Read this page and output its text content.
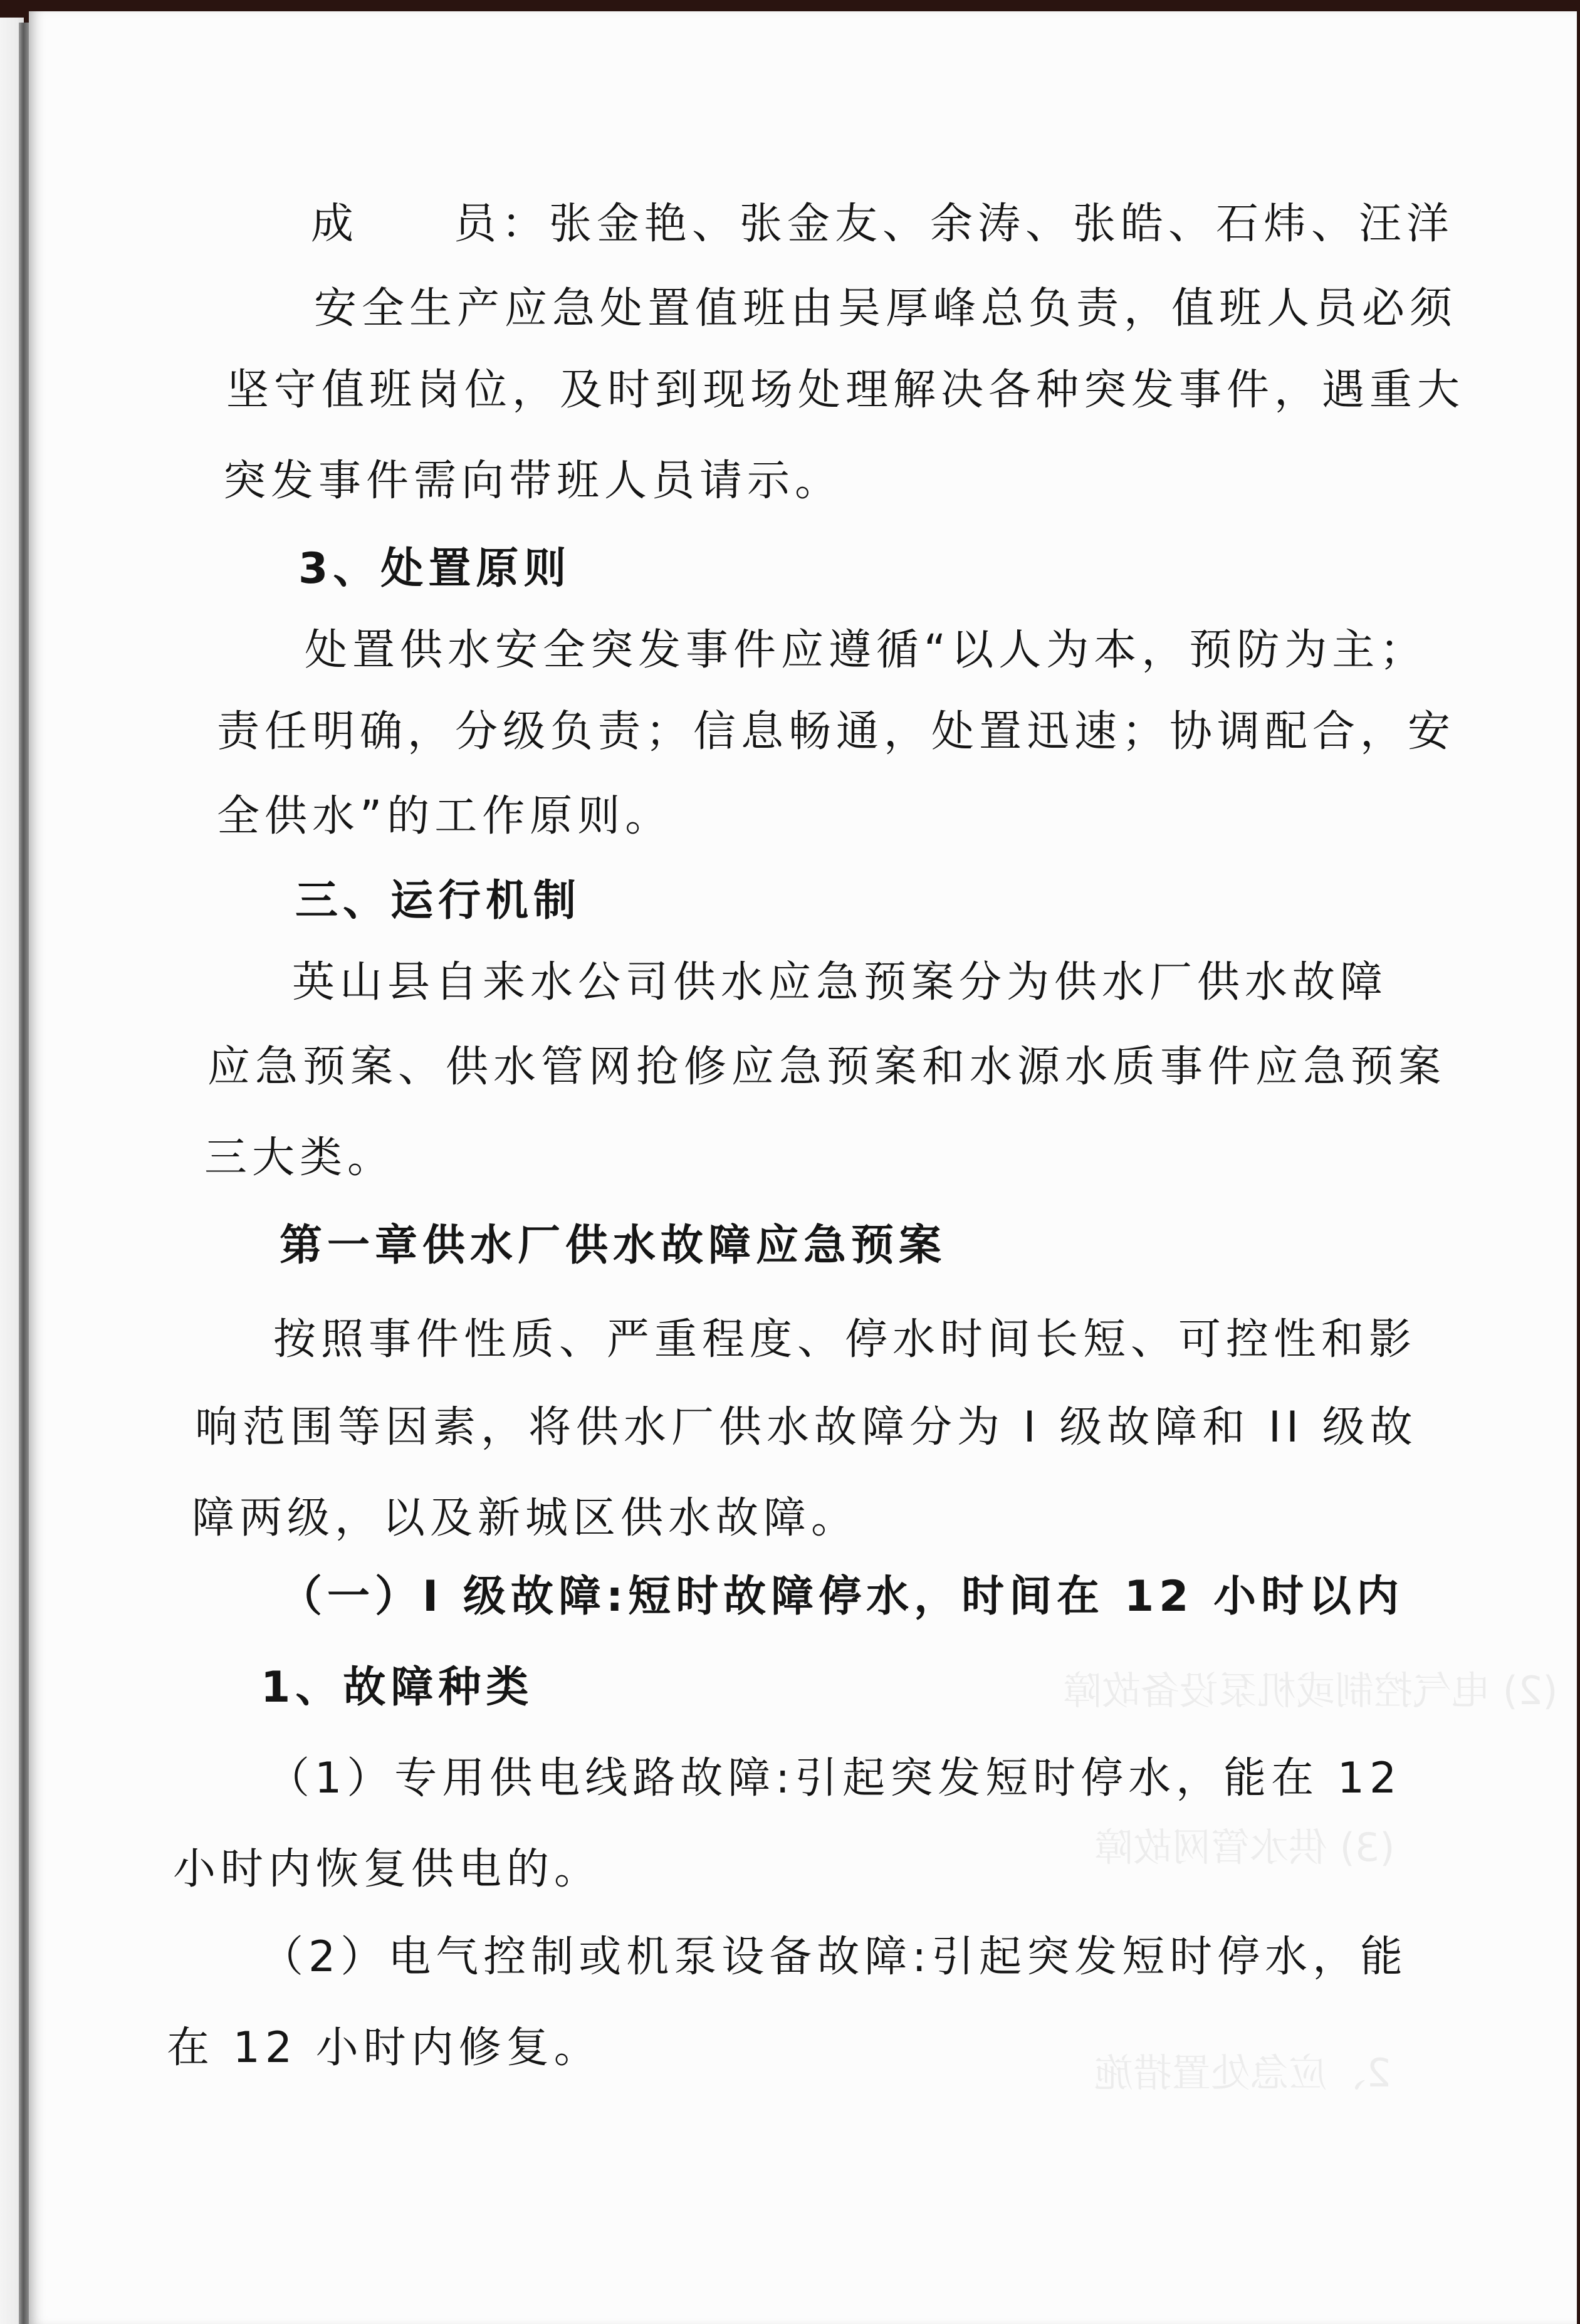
(2) 电气控制或机泵设备故障
(3) 供水管网故障
2、应急处置措施
成　　员：张金艳、张金友、余涛、张皓、石炜、汪洋
安全生产应急处置值班由吴厚峰总负责，值班人员必须
坚守值班岗位，及时到现场处理解决各种突发事件，遇重大
突发事件需向带班人员请示。
3、处置原则
处置供水安全突发事件应遵循“以人为本，预防为主；
责任明确，分级负责；信息畅通，处置迅速；协调配合，安
全供水”的工作原则。
三、运行机制
英山县自来水公司供水应急预案分为供水厂供水故障
应急预案、供水管网抢修应急预案和水源水质事件应急预案
三大类。
第一章供水厂供水故障应急预案
按照事件性质、严重程度、停水时间长短、可控性和影
响范围等因素，将供水厂供水故障分为 I 级故障和 II 级故
障两级，以及新城区供水故障。
（一）I 级故障:短时故障停水，时间在 12 小时以内
1、故障种类
（1）专用供电线路故障:引起突发短时停水，能在 12
小时内恢复供电的。
（2）电气控制或机泵设备故障:引起突发短时停水，能
在 12 小时内修复。
